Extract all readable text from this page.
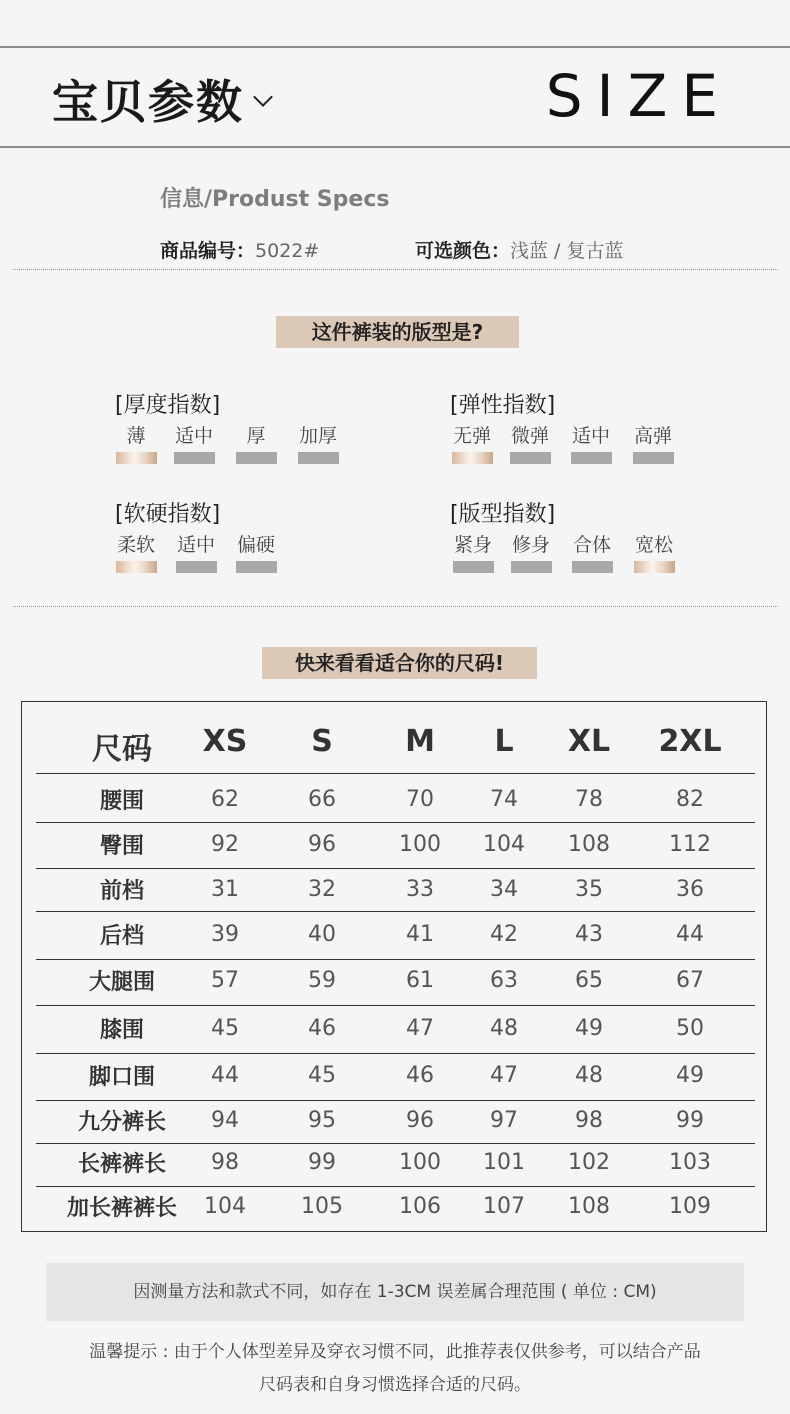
宝贝参数	SIZE
信息/Produst Specs
商品编号：5022#	可选颜色：浅蓝 / 复古蓝
这件裤装的版型是?
[厚度指数]
薄	适中	厚	加厚
[弹性指数]
无弹	微弹	适中	高弹
[软硬指数]
柔软	适中	偏硬
[版型指数]
紧身	修身	合体	宽松
快来看看适合你的尺码!
尺码	XS	S	M	L	XL	2XL
腰围	62	66	70	74	78	82
臀围	92	96	100	104	108	112
前档	31	32	33	34	35	36
后档	39	40	41	42	43	44
大腿围	57	59	61	63	65	67
膝围	45	46	47	48	49	50
脚口围	44	45	46	47	48	49
九分裤长	94	95	96	97	98	99
长裤裤长	98	99	100	101	102	103
加长裤裤长	104	105	106	107	108	109
因测量方法和款式不同，如存在 1-3CM 误差属合理范围 ( 单位 : CM)
温馨提示 : 由于个人体型差异及穿衣习惯不同，此推荐表仅供参考，可以结合产品
尺码表和自身习惯选择合适的尺码。
